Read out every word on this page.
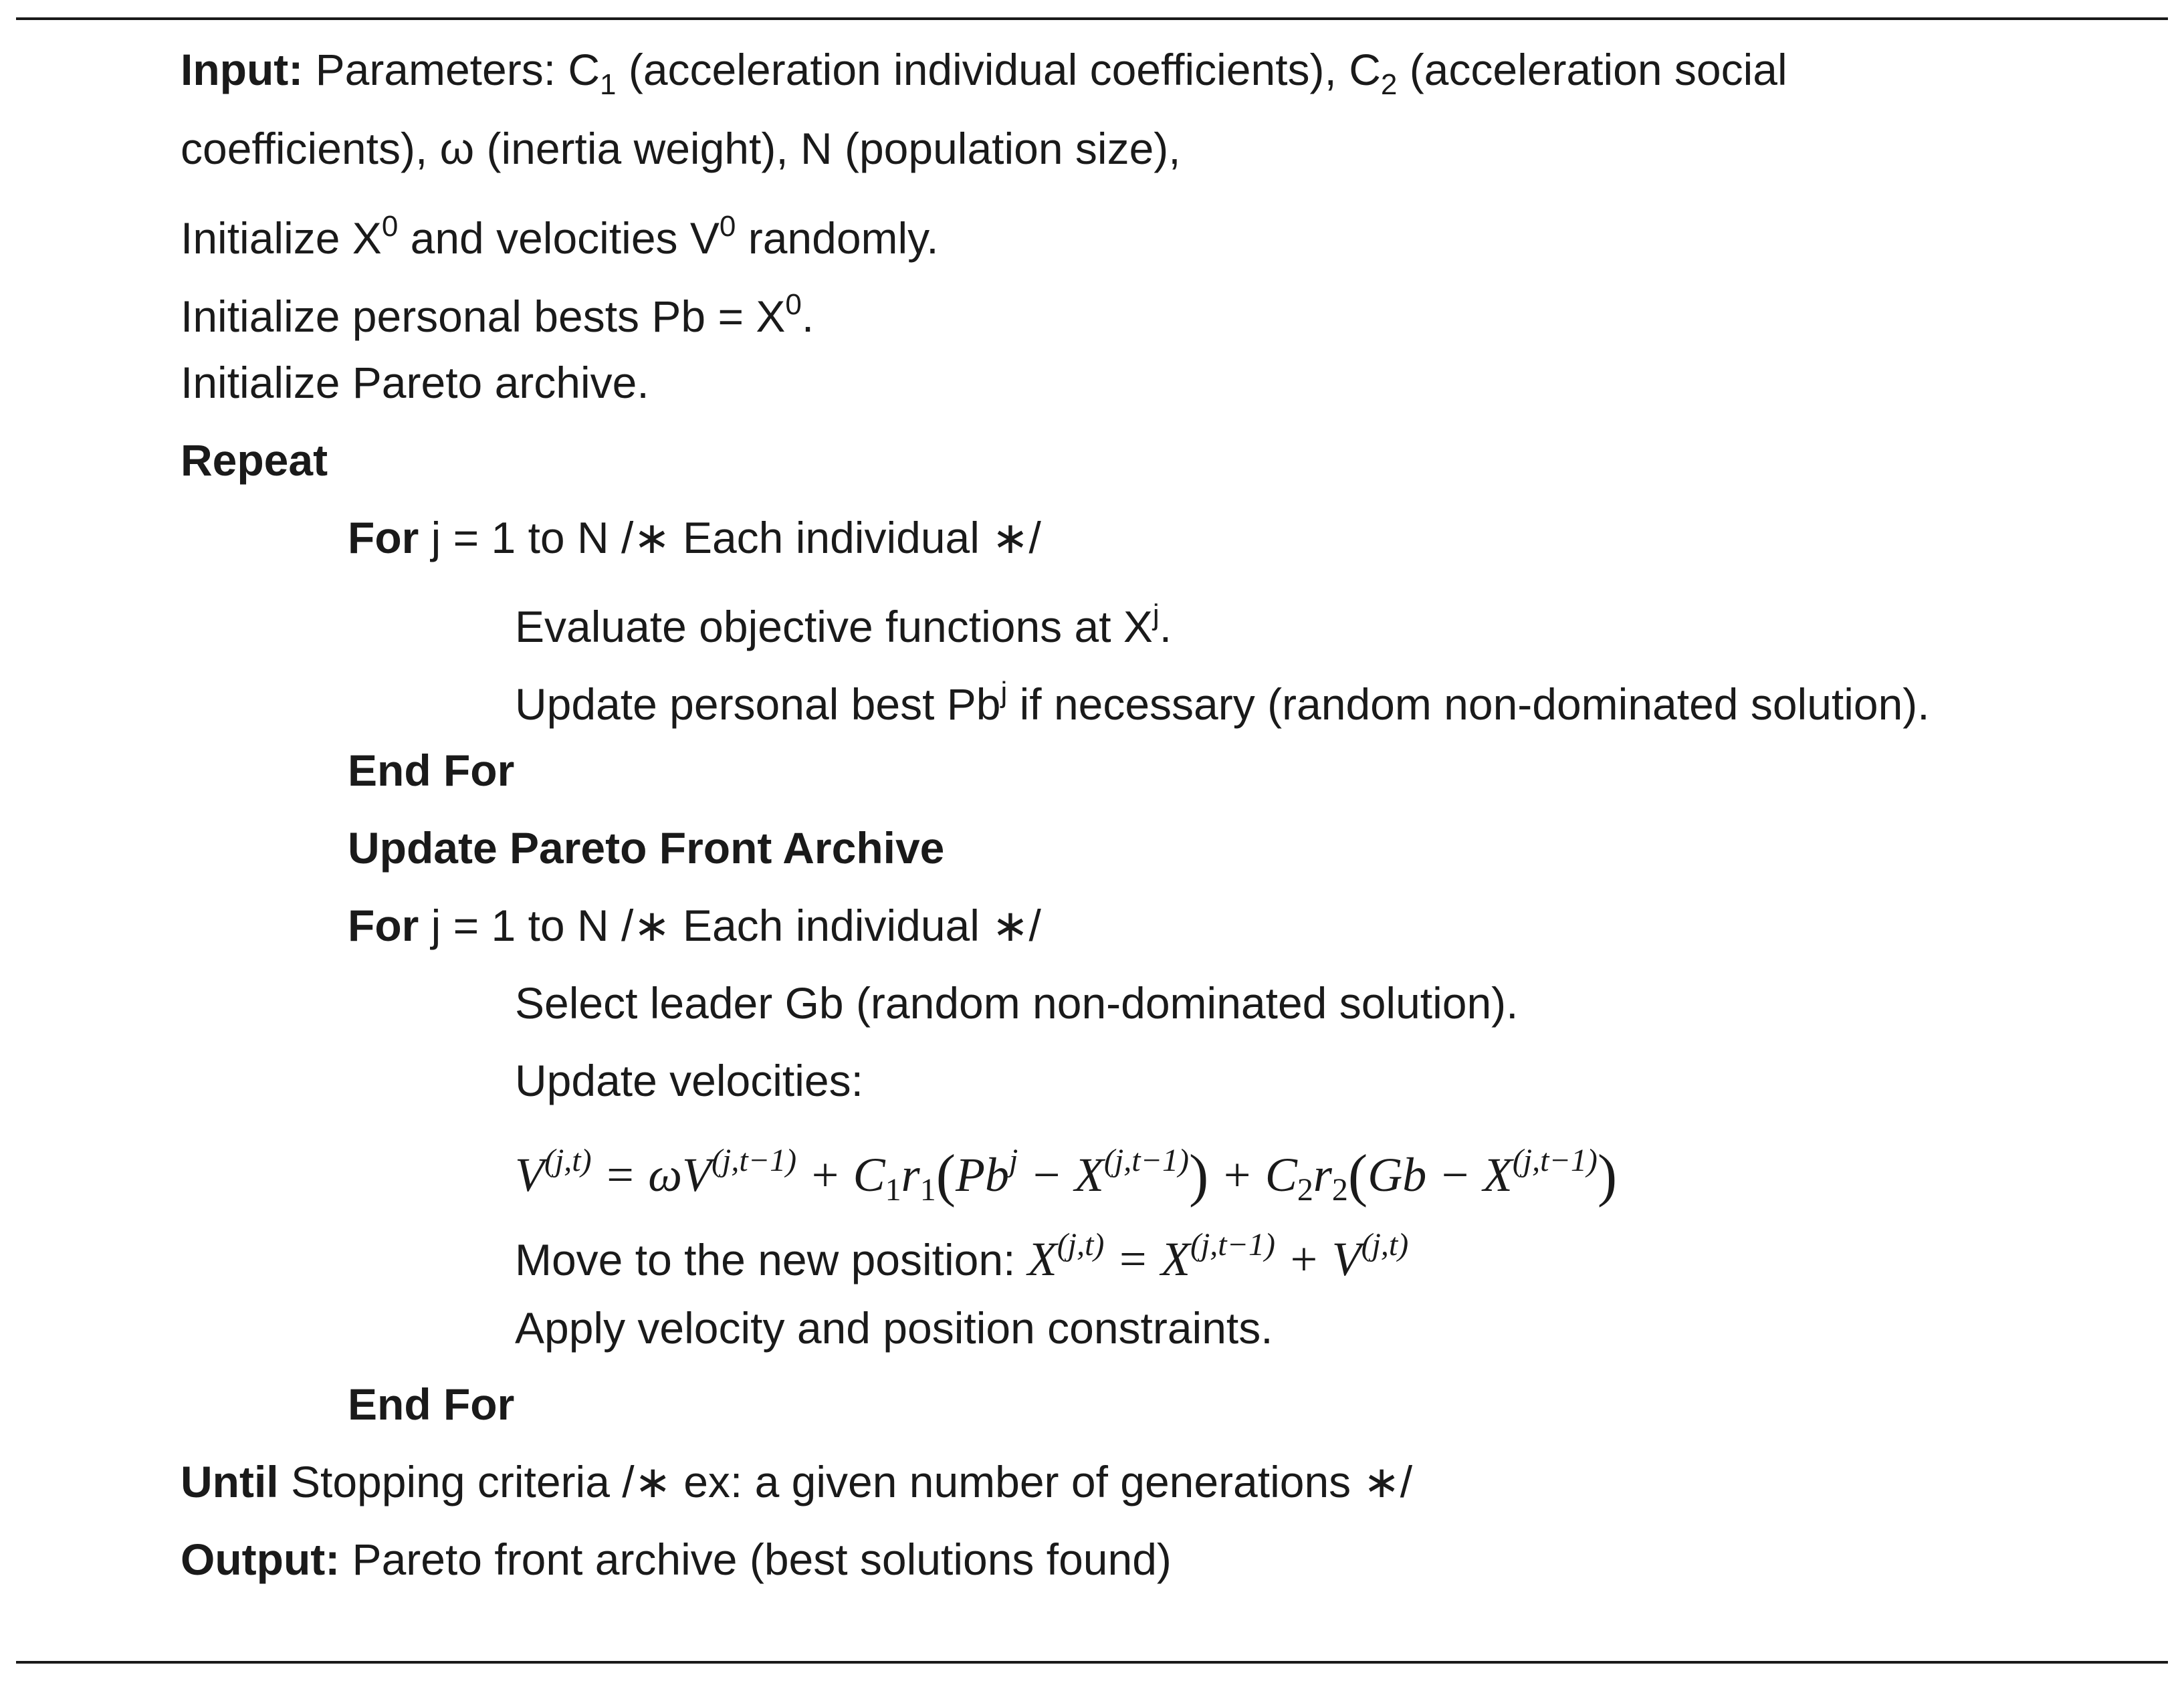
Input: Parameters: $C_1$ (acceleration individual coefficients), $C_2$ (acceleration social
coefficients), ω (inertia weight), N (population size),
Initialize $X^0$ and velocities $V^0$ randomly.
Initialize personal bests $Pb = X^0$.
Initialize Pareto archive.
Repeat
For j = 1 to N /∗ Each individual ∗/
Evaluate objective functions at $X^j$.
Update personal best Pb$^j$ if necessary (random non-dominated solution).
End For
Update Pareto Front Archive
For j = 1 to N /∗ Each individual ∗/
Select leader Gb (random non-dominated solution).
Update velocities:
$V^{(j,t)} = \omega V^{(j,t-1)} + C_1r_1(Pb^j - X^{(j,t-1)}) + C_2r_2(Gb - X^{(j,t-1)})$
Move to the new position: $X^{(j,t)} = X^{(j,t-1)} + V^{(j,t)}$
Apply velocity and position constraints.
End For
Until Stopping criteria /∗ ex: a given number of generations ∗/
Output: Pareto front archive (best solutions found)
